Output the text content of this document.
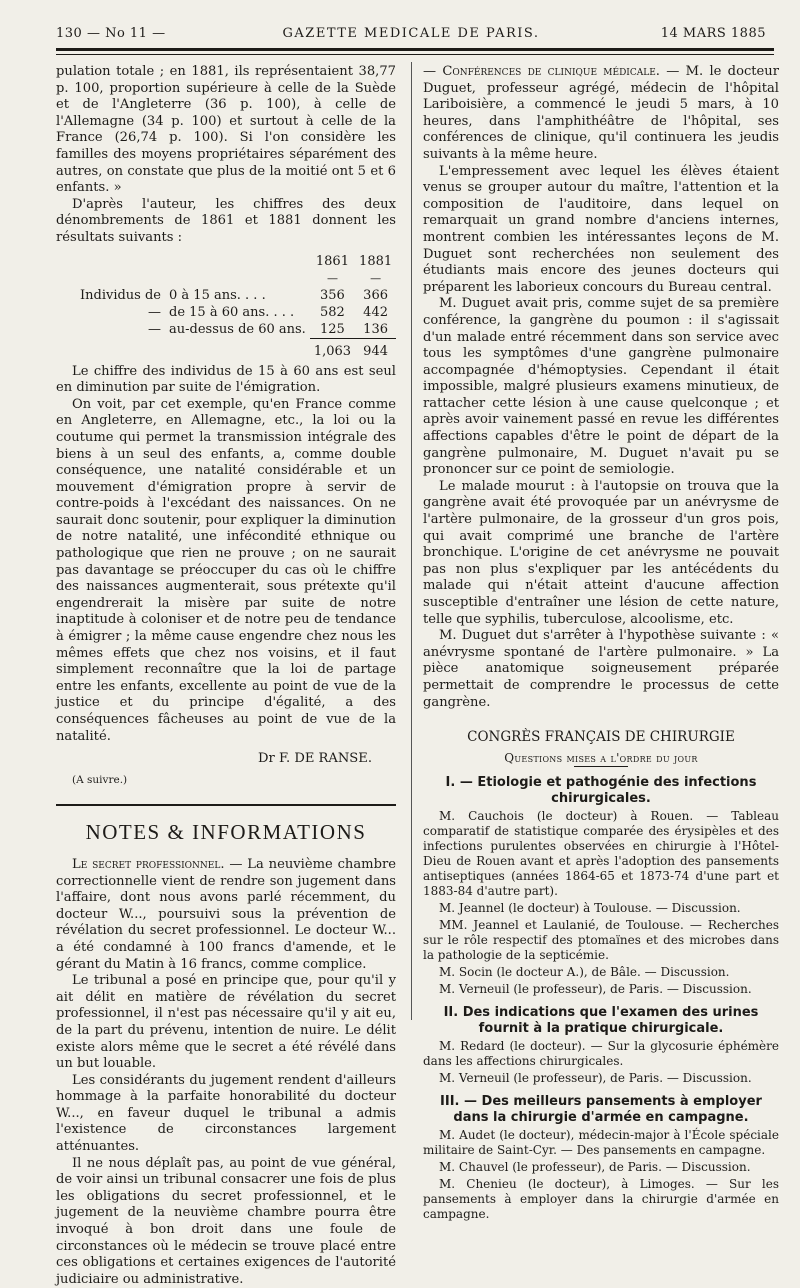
130 — No 11 —	GAZETTE MEDICALE DE PARIS.	14 MARS 1885

pulation totale ; en 1881, ils représentaient 38,77 p. 100, proportion supérieure à celle de la Suède et de l'Angleterre (36 p. 100), à celle de l'Allemagne (34 p. 100) et surtout à celle de la France (26,74 p. 100). Si l'on considère les familles des moyens propriétaires séparément des autres, on constate que plus de la moitié ont 5 et 6 enfants. »

D'après l'auteur, les chiffres des deux dénombrements de 1861 et 1881 donnent les résultats suivants :

		1861	1881
		—	—
Individus de	0 à 15 ans. . . .	356	366
—	de 15 à 60 ans. . . .	582	442
—	au-dessus de 60 ans.	125	136
		1,063	944

Le chiffre des individus de 15 à 60 ans est seul en diminution par suite de l'émigration.

On voit, par cet exemple, qu'en France comme en Angleterre, en Allemagne, etc., la loi ou la coutume qui permet la transmission intégrale des biens à un seul des enfants, a, comme double conséquence, une natalité considérable et un mouvement d'émigration propre à servir de contre-poids à l'excédant des naissances. On ne saurait donc soutenir, pour expliquer la diminution de notre natalité, une infécondité ethnique ou pathologique que rien ne prouve ; on ne saurait pas davantage se préoccuper du cas où le chiffre des naissances augmenterait, sous prétexte qu'il engendrerait la misère par suite de notre inaptitude à coloniser et de notre peu de tendance à émigrer ; la même cause engendre chez nous les mêmes effets que chez nos voisins, et il faut simplement reconnaître que la loi de partage entre les enfants, excellente au point de vue de la justice et du principe d'égalité, a des conséquences fâcheuses au point de vue de la natalité.

Dr F. DE RANSE.
(A suivre.)
NOTES & INFORMATIONS

Le secret professionnel. — La neuvième chambre correctionnelle vient de rendre son jugement dans l'affaire, dont nous avons parlé récemment, du docteur W..., poursuivi sous la prévention de révélation du secret professionnel. Le docteur W... a été condamné à 100 francs d'amende, et le gérant du Matin à 16 francs, comme complice.

Le tribunal a posé en principe que, pour qu'il y ait délit en matière de révélation du secret professionnel, il n'est pas nécessaire qu'il y ait eu, de la part du prévenu, intention de nuire. Le délit existe alors même que le secret a été révélé dans un but louable.

Les considérants du jugement rendent d'ailleurs hommage à la parfaite honorabilité du docteur W..., en faveur duquel le tribunal a admis l'existence de circonstances largement atténuantes.

Il ne nous déplaît pas, au point de vue général, de voir ainsi un tribunal consacrer une fois de plus les obligations du secret professionnel, et le jugement de la neuvième chambre pourra être invoqué à bon droit dans une foule de circonstances où le médecin se trouve placé entre ces obligations et certaines exigences de l'autorité judiciaire ou administrative.

— Conférences de clinique médicale. — M. le docteur Duguet, professeur agrégé, médecin de l'hôpital Lariboisière, a commencé le jeudi 5 mars, à 10 heures, dans l'amphithéâtre de l'hôpital, ses conférences de clinique, qu'il continuera les jeudis suivants à la même heure.

L'empressement avec lequel les élèves étaient venus se grouper autour du maître, l'attention et la composition de l'auditoire, dans lequel on remarquait un grand nombre d'anciens internes, montrent combien les intéressantes leçons de M. Duguet sont recherchées non seulement des étudiants mais encore des jeunes docteurs qui préparent les laborieux concours du Bureau central.

M. Duguet avait pris, comme sujet de sa première conférence, la gangrène du poumon : il s'agissait d'un malade entré récemment dans son service avec tous les symptômes d'une gangrène pulmonaire accompagnée d'hémoptysies. Cependant il était impossible, malgré plusieurs examens minutieux, de rattacher cette lésion à une cause quelconque ; et après avoir vainement passé en revue les différentes affections capables d'être le point de départ de la gangrène pulmonaire, M. Duguet n'avait pu se prononcer sur ce point de semiologie.

Le malade mourut : à l'autopsie on trouva que la gangrène avait été provoquée par un anévrysme de l'artère pulmonaire, de la grosseur d'un gros pois, qui avait comprimé une branche de l'artère bronchique. L'origine de cet anévrysme ne pouvait pas non plus s'expliquer par les antécédents du malade qui n'était atteint d'aucune affection susceptible d'entraîner une lésion de cette nature, telle que syphilis, tuberculose, alcoolisme, etc.

M. Duguet dut s'arrêter à l'hypothèse suivante : « anévrysme spontané de l'artère pulmonaire. » La pièce anatomique soigneusement préparée permettait de comprendre le processus de cette gangrène.

CONGRÈS FRANÇAIS DE CHIRURGIE
Questions mises a l'ordre du jour
I. — Etiologie et pathogénie des infections chirurgicales.

M. Cauchois (le docteur) à Rouen. — Tableau comparatif de statistique comparée des érysipèles et des infections purulentes observées en chirurgie à l'Hôtel-Dieu de Rouen avant et après l'adoption des pansements antiseptiques (années 1864-65 et 1873-74 d'une part et 1883-84 d'autre part).

M. Jeannel (le docteur) à Toulouse. — Discussion.

MM. Jeannel et Laulanié, de Toulouse. — Recherches sur le rôle respectif des ptomaïnes et des microbes dans la pathologie de la septicémie.

M. Socin (le docteur A.), de Bâle. — Discussion.

M. Verneuil (le professeur), de Paris. — Discussion.

II. Des indications que l'examen des urines fournit à la pratique chirurgicale.

M. Redard (le docteur). — Sur la glycosurie éphémère dans les affections chirurgicales.

M. Verneuil (le professeur), de Paris. — Discussion.

III. — Des meilleurs pansements à employer dans la chirurgie d'armée en campagne.

M. Audet (le docteur), médecin-major à l'École spéciale militaire de Saint-Cyr. — Des pansements en campagne.

M. Chauvel (le professeur), de Paris. — Discussion.

M. Chenieu (le docteur), à Limoges. — Sur les pansements à employer dans la chirurgie d'armée en campagne.
